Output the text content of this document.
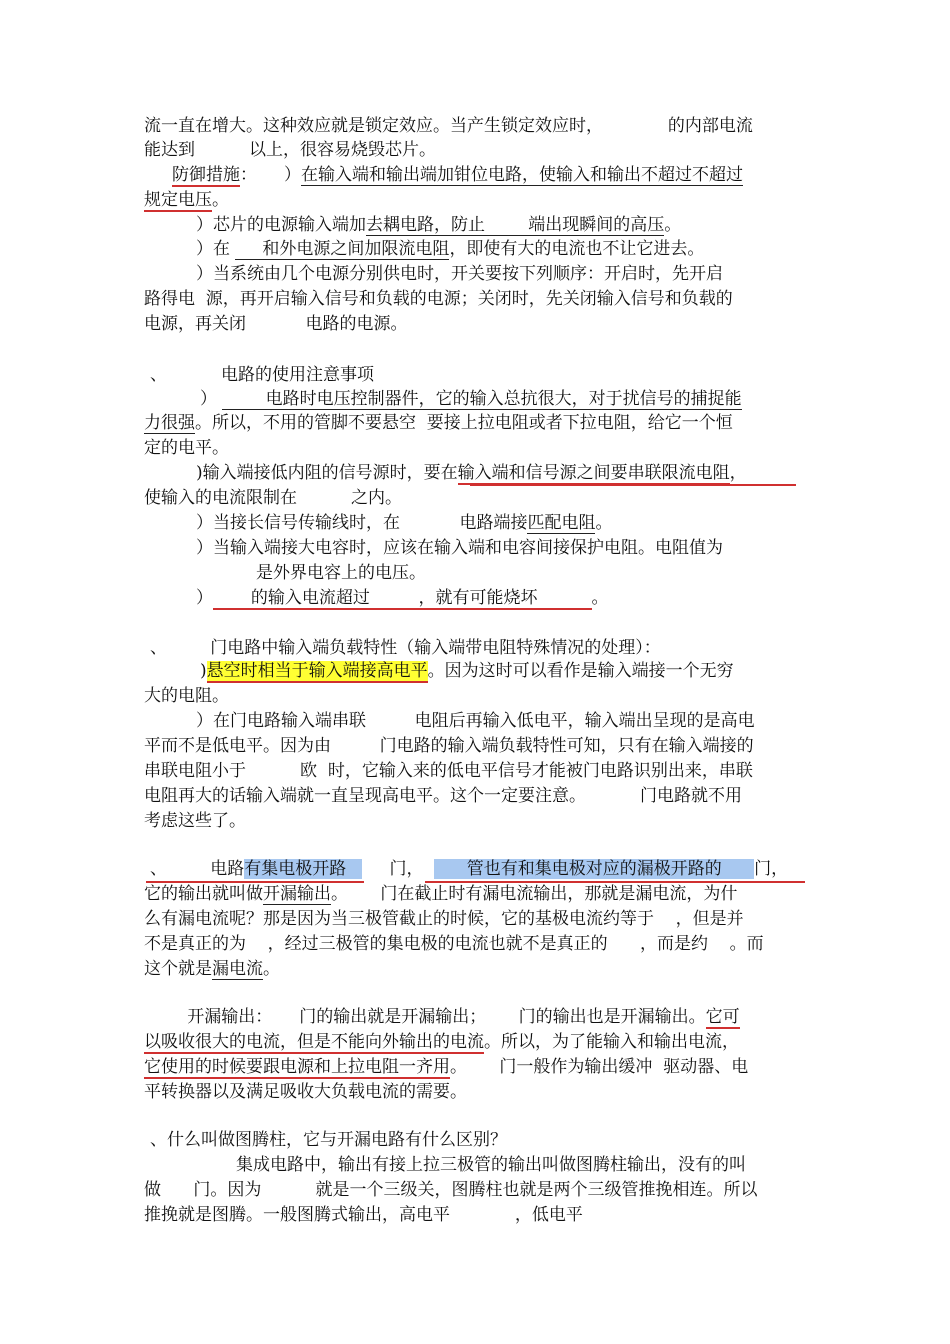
流一直在增大。这种效应就是锁定效应。当产生锁定效应时，            的内部电流
能达到          以上，很容易烧毁芯片。
防御措施：     ）在输入端和输出端加钳位电路，使输入和输出不超过不超过
规定电压。
）芯片的电源输入端加去耦电路，防止        端出现瞬间的高压。
）在      和外电源之间加限流电阻，即使有大的电流也不让它进去。
）当系统由几个电源分别供电时，开关要按下列顺序：开启时，先开启
路得电  源，再开启输入信号和负载的电源；关闭时，先关闭输入信号和负载的
电源，再关闭           电路的电源。
、          电路的使用注意事项
）         电路时电压控制器件，它的输入总抗很大，对于扰信号的捕捉能
力很强。所以，不用的管脚不要悬空  要接上拉电阻或者下拉电阻，给它一个恒
定的电平。
)输入端接低内阻的信号源时，要在输入端和信号源之间要串联限流电阻，
使输入的电流限制在          之内。
）当接长信号传输线时，在           电路端接匹配电阻。
）当输入端接大电容时，应该在输入端和电容间接保护电阻。电阻值为
是外界电容上的电压。
）       的输入电流超过         ，就有可能烧坏          。
、        门电路中输入端负载特性（输入端带电阻特殊情况的处理）：
)悬空时相当于输入端接高电平。因为这时可以看作是输入端接一个无穷
大的电阻。
）在门电路输入端串联         电阻后再输入低电平，输入端出呈现的是高电
平而不是低电平。因为由         门电路的输入端负载特性可知，只有在输入端接的
串联电阻小于          欧  时，它输入来的低电平信号才能被门电路识别出来，串联
电阻再大的话输入端就一直呈现高电平。这个一定要注意。          门电路就不用
考虑这些了。
、        电路有集电极开路        门，        管也有和集电极对应的漏极开路的      门，
它的输出就叫做开漏输出。      门在截止时有漏电流输出，那就是漏电流，为什
么有漏电流呢？那是因为当三极管截止的时候，它的基极电流约等于    ，但是并
不是真正的为    ，经过三极管的集电极的电流也就不是真正的      ，而是约    。而
这个就是漏电流。
开漏输出：     门的输出就是开漏输出；      门的输出也是开漏输出。它可
以吸收很大的电流，但是不能向外输出的电流。所以，为了能输入和输出电流，
它使用的时候要跟电源和上拉电阻一齐用。      门一般作为输出缓冲  驱动器、电
平转换器以及满足吸收大负载电流的需要。
、什么叫做图腾柱，它与开漏电路有什么区别？
集成电路中，输出有接上拉三极管的输出叫做图腾柱输出，没有的叫
做      门。因为          就是一个三级关，图腾柱也就是两个三级管推挽相连。所以
推挽就是图腾。一般图腾式输出，高电平            ，低电平
